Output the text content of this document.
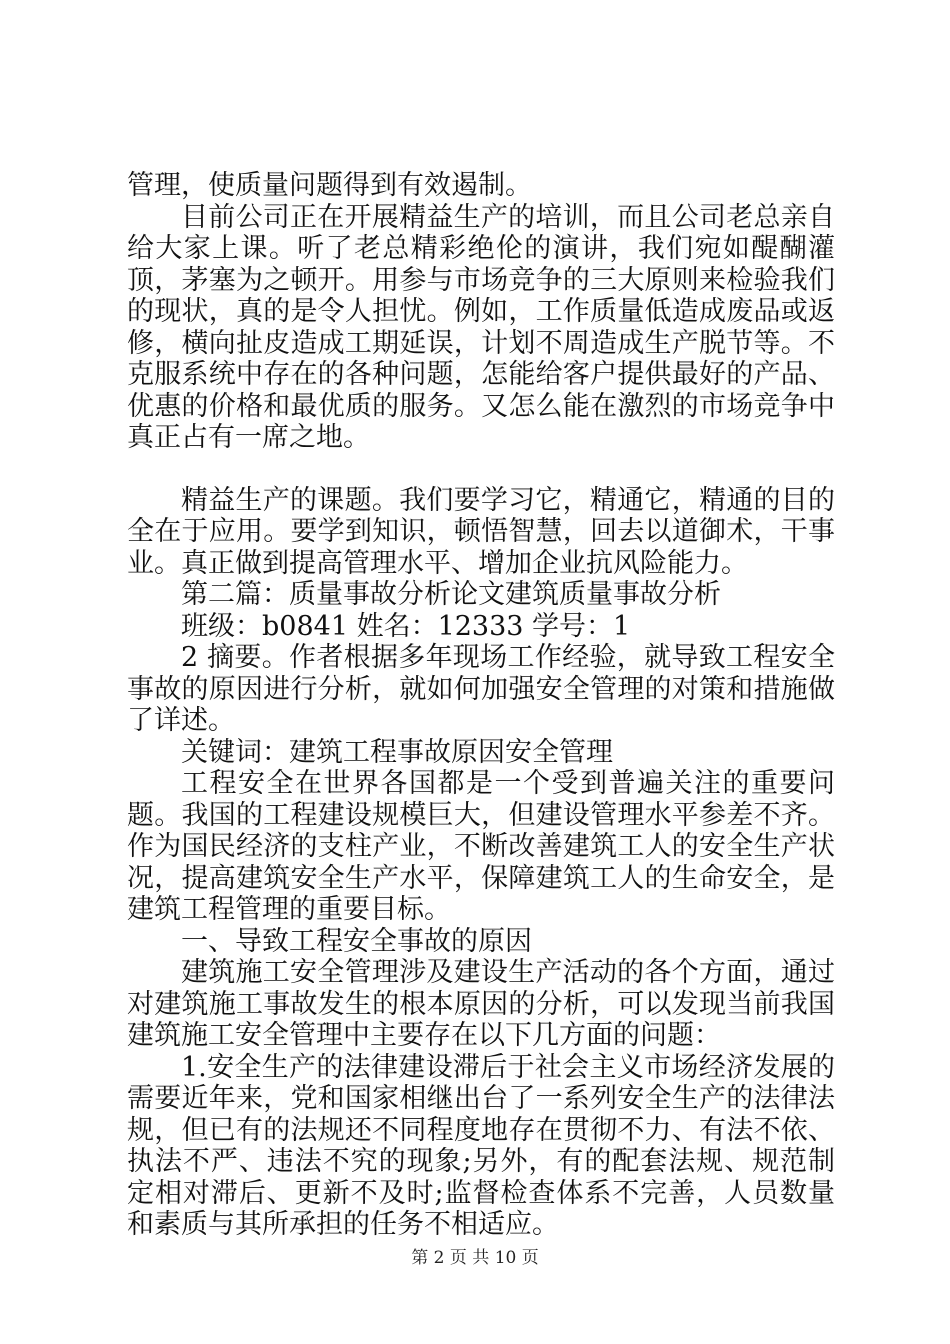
管理，使质量问题得到有效遏制。

目前公司正在开展精益生产的培训，而且公司老总亲自给大家上课。听了老总精彩绝伦的演讲，我们宛如醍醐灌顶，茅塞为之顿开。用参与市场竞争的三大原则来检验我们的现状，真的是令人担忧。例如，工作质量低造成废品或返修，横向扯皮造成工期延误，计划不周造成生产脱节等。不克服系统中存在的各种问题，怎能给客户提供最好的产品、优惠的价格和最优质的服务。又怎么能在激烈的市场竞争中真正占有一席之地。

精益生产的课题。我们要学习它，精通它，精通的目的全在于应用。要学到知识，顿悟智慧，回去以道御术，干事业。真正做到提高管理水平、增加企业抗风险能力。

第二篇：质量事故分析论文建筑质量事故分析

班级：b0841 姓名：12333 学号：1

2 摘要。作者根据多年现场工作经验，就导致工程安全事故的原因进行分析，就如何加强安全管理的对策和措施做了详述。

关键词：建筑工程事故原因安全管理

工程安全在世界各国都是一个受到普遍关注的重要问题。我国的工程建设规模巨大，但建设管理水平参差不齐。作为国民经济的支柱产业，不断改善建筑工人的安全生产状况，提高建筑安全生产水平，保障建筑工人的生命安全，是建筑工程管理的重要目标。

一、导致工程安全事故的原因

建筑施工安全管理涉及建设生产活动的各个方面，通过对建筑施工事故发生的根本原因的分析，可以发现当前我国建筑施工安全管理中主要存在以下几方面的问题：

1.安全生产的法律建设滞后于社会主义市场经济发展的需要近年来，党和国家相继出台了一系列安全生产的法律法规，但已有的法规还不同程度地存在贯彻不力、有法不依、执法不严、违法不究的现象;另外，有的配套法规、规范制定相对滞后、更新不及时;监督检查体系不完善，人员数量和素质与其所承担的任务不相适应。

第 2 页 共 10 页
